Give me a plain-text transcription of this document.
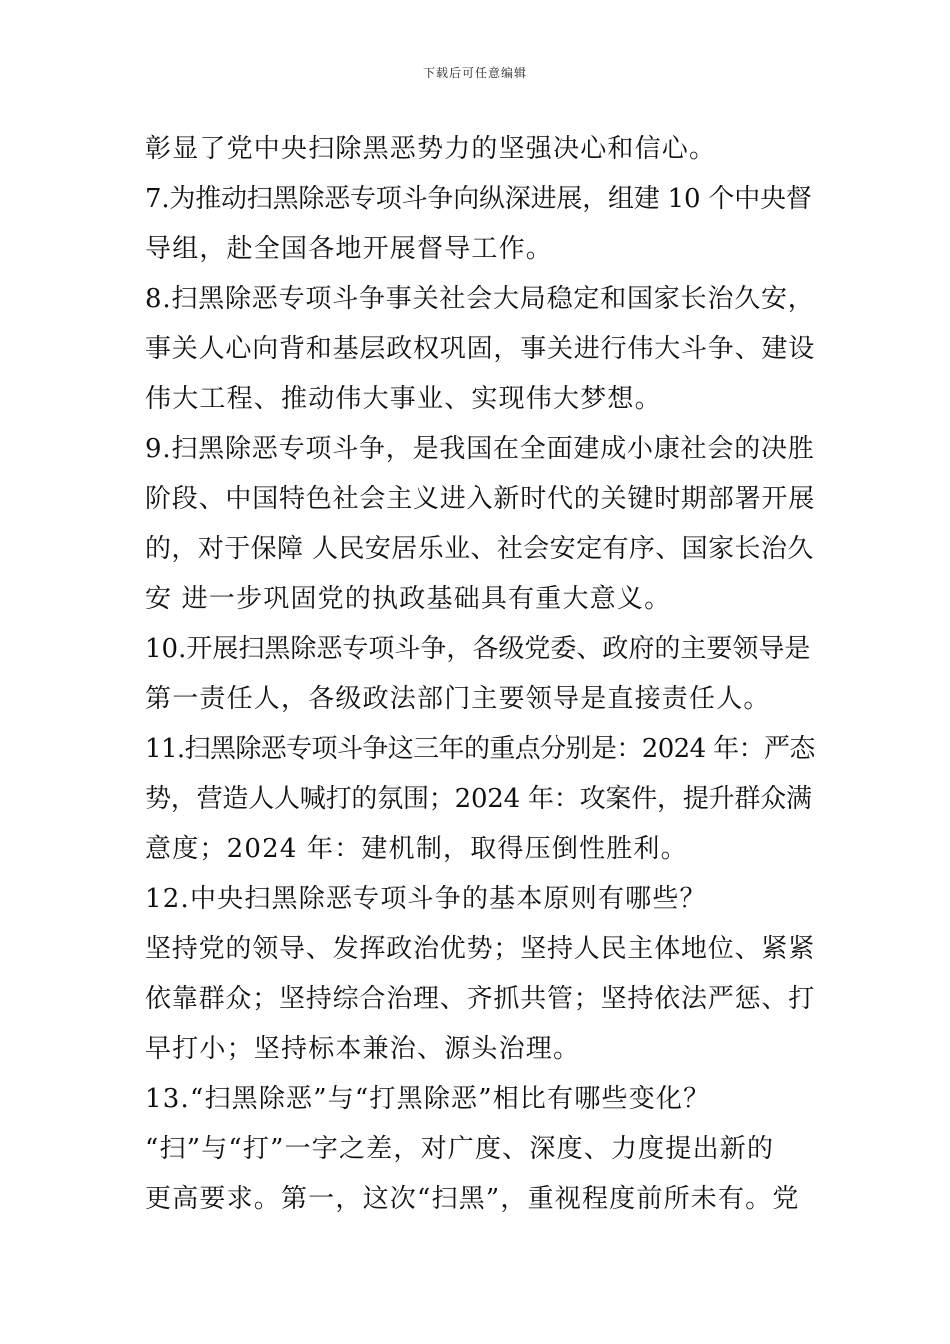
下载后可任意编辑
彰显了党中央扫除黑恶势力的坚强决心和信心。
7.为推动扫黑除恶专项斗争向纵深进展，组建 10 个中央督
导组，赴全国各地开展督导工作。
8.扫黑除恶专项斗争事关社会大局稳定和国家长治久安，
事关人心向背和基层政权巩固，事关进行伟大斗争、建设
伟大工程、推动伟大事业、实现伟大梦想。
9.扫黑除恶专项斗争，是我国在全面建成小康社会的决胜
阶段、中国特色社会主义进入新时代的关键时期部署开展
的，对于保障 人民安居乐业、社会安定有序、国家长治久
安 进一步巩固党的执政基础具有重大意义。
10.开展扫黑除恶专项斗争，各级党委、政府的主要领导是
第一责任人，各级政法部门主要领导是直接责任人。
11.扫黑除恶专项斗争这三年的重点分别是：2024 年：严态
势，营造人人喊打的氛围；2024 年：攻案件，提升群众满
意度；2024 年：建机制，取得压倒性胜利。
12.中央扫黑除恶专项斗争的基本原则有哪些？
坚持党的领导、发挥政治优势；坚持人民主体地位、紧紧
依靠群众；坚持综合治理、齐抓共管；坚持依法严惩、打
早打小；坚持标本兼治、源头治理。
13.“扫黑除恶”与“打黑除恶”相比有哪些变化？
“扫”与“打”一字之差，对广度、深度、力度提出新的
更高要求。第一，这次“扫黑”，重视程度前所未有。党
